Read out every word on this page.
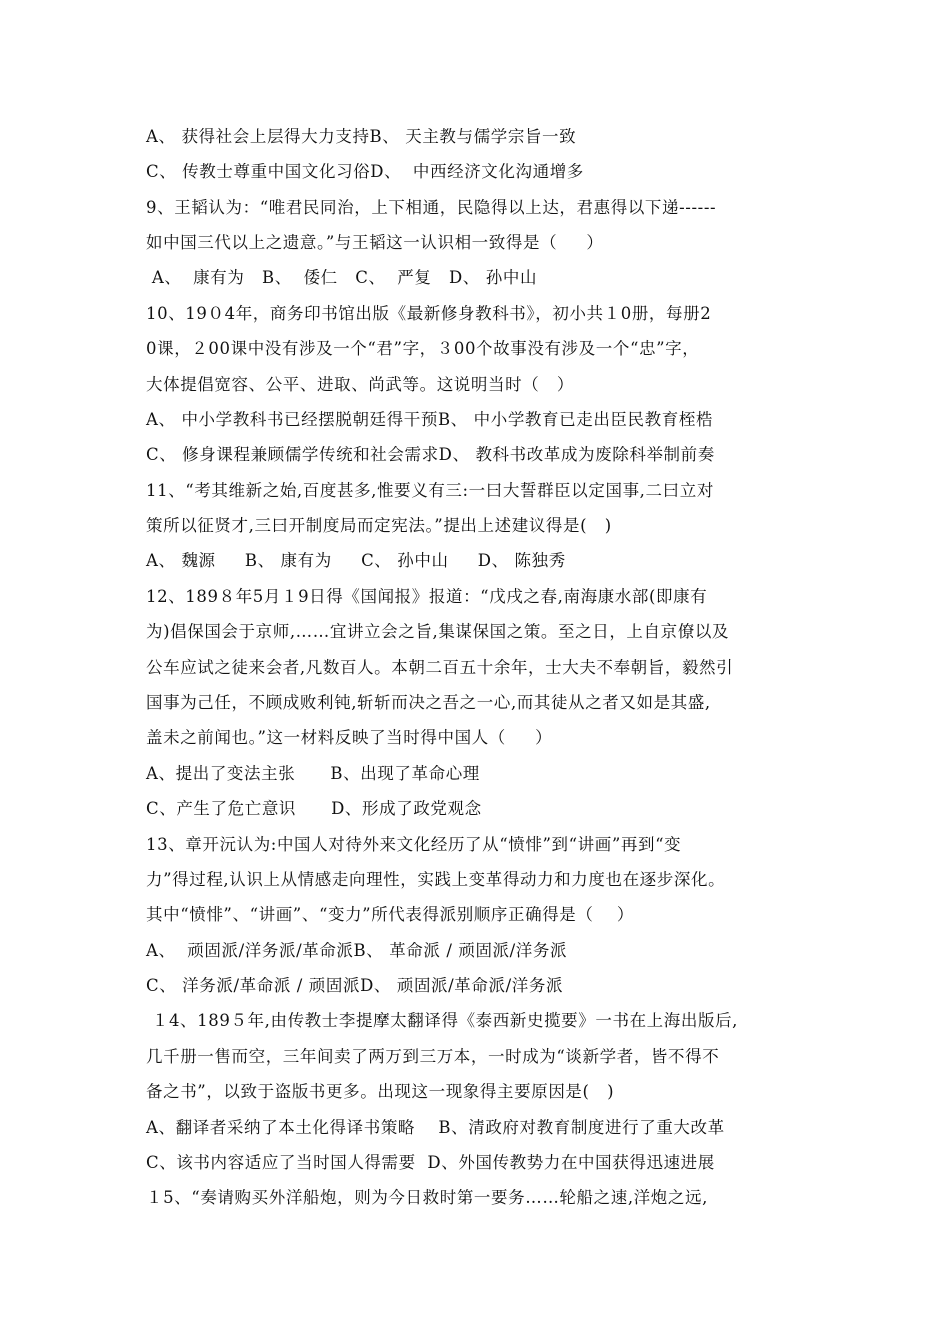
A、 获得社会上层得大力支持B、 天主教与儒学宗旨一致
C、 传教士尊重中国文化习俗D、  中西经济文化沟通增多
9、王韬认为：“唯君民同治，上下相通，民隐得以上达，君惠得以下递------
如中国三代以上之遗意。”与王韬这一认识相一致得是（     ）
A、  康有为   B、  倭仁   C、  严复   D、 孙中山
10、19０4年，商务印书馆出版《最新修身教科书》，初小共１0册，每册2
0课，２00课中没有涉及一个“君”字，３00个故事没有涉及一个“忠”字，
大体提倡宽容、公平、进取、尚武等。这说明当时（   ）
A、 中小学教科书已经摆脱朝廷得干预B、 中小学教育已走出臣民教育桎梏
C、 修身课程兼顾儒学传统和社会需求D、 教科书改革成为废除科举制前奏
11、“考其维新之始,百度甚多,惟要义有三:一曰大誓群臣以定国事,二曰立对
策所以征贤才,三曰开制度局而定宪法。”提出上述建议得是(   )
A、 魏源     B、 康有为     C、 孙中山     D、 陈独秀
12、189８年5月１9日得《国闻报》报道：“戊戌之春,南海康水部(即康有
为)倡保国会于京师,……宜讲立会之旨,集谋保国之策。至之日，上自京僚以及
公车应试之徒来会者,凡数百人。本朝二百五十余年，士大夫不奉朝旨，毅然引
国事为己任，不顾成败利钝,斩斩而决之吾之一心,而其徒从之者又如是其盛,
盖未之前闻也。”这一材料反映了当时得中国人（     ）
A、提出了变法主张      B、出现了革命心理
C、产生了危亡意识      D、形成了政党观念
13、章开沅认为:中国人对待外来文化经历了从“愤悱”到“讲画”再到“变
力”得过程,认识上从情感走向理性，实践上变革得动力和力度也在逐步深化。
其中“愤悱”、“讲画”、“变力”所代表得派别顺序正确得是（    ）
A、  顽固派/洋务派/革命派B、 革命派 / 顽固派/洋务派
C、 洋务派/革命派 / 顽固派D、 顽固派/革命派/洋务派
１4、189５年,由传教士李提摩太翻译得《泰西新史揽要》一书在上海出版后,
几千册一售而空，三年间卖了两万到三万本，一时成为“谈新学者，皆不得不
备之书”，以致于盗版书更多。出现这一现象得主要原因是(   )
A、翻译者采纳了本土化得译书策略    B、清政府对教育制度进行了重大改革
C、该书内容适应了当时国人得需要  D、外国传教势力在中国获得迅速进展
１5、“奏请购买外洋船炮，则为今日救时第一要务……轮船之速,洋炮之远,
